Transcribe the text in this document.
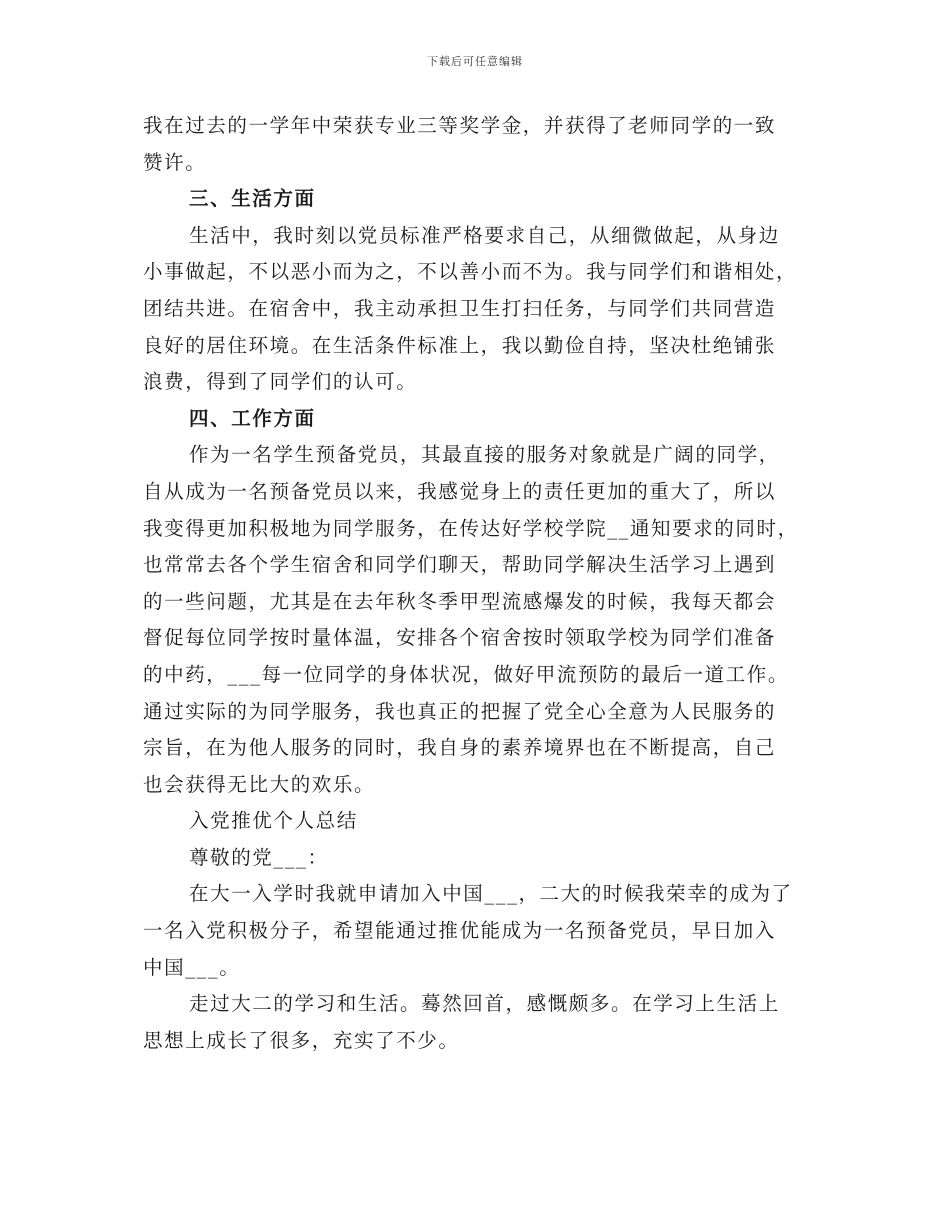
下载后可任意编辑
我在过去的一学年中荣获专业三等奖学金，并获得了老师同学的一致
赞许。
三、生活方面
生活中，我时刻以党员标准严格要求自己，从细微做起，从身边
小事做起，不以恶小而为之，不以善小而不为。我与同学们和谐相处，
团结共进。在宿舍中，我主动承担卫生打扫任务，与同学们共同营造
良好的居住环境。在生活条件标准上，我以勤俭自持，坚决杜绝铺张
浪费，得到了同学们的认可。
四、工作方面
作为一名学生预备党员，其最直接的服务对象就是广阔的同学，
自从成为一名预备党员以来，我感觉身上的责任更加的重大了，所以
我变得更加积极地为同学服务，在传达好学校学院__通知要求的同时，
也常常去各个学生宿舍和同学们聊天，帮助同学解决生活学习上遇到
的一些问题，尤其是在去年秋冬季甲型流感爆发的时候，我每天都会
督促每位同学按时量体温，安排各个宿舍按时领取学校为同学们准备
的中药，___每一位同学的身体状况，做好甲流预防的最后一道工作。
通过实际的为同学服务，我也真正的把握了党全心全意为人民服务的
宗旨，在为他人服务的同时，我自身的素养境界也在不断提高，自己
也会获得无比大的欢乐。
入党推优个人总结
尊敬的党___：
在大一入学时我就申请加入中国___，二大的时候我荣幸的成为了
一名入党积极分子，希望能通过推优能成为一名预备党员，早日加入
中国___。
走过大二的学习和生活。蓦然回首，感慨颇多。在学习上生活上
思想上成长了很多，充实了不少。
